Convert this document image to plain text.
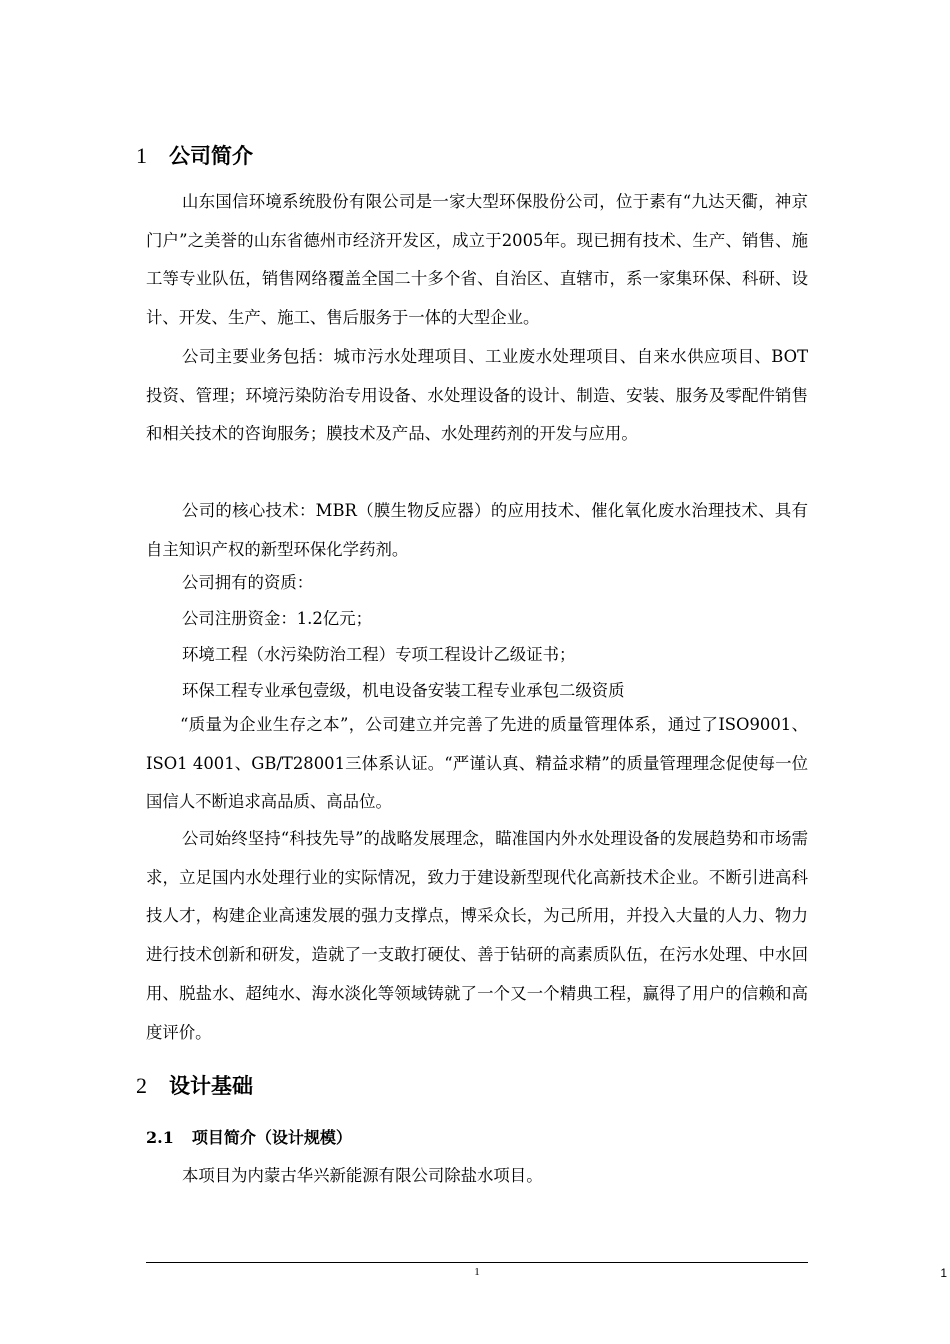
1 公司简介

山东国信环境系统股份有限公司是一家大型环保股份公司，位于素有“九达天衢，神京门户”之美誉的山东省德州市经济开发区，成立于2005年。现已拥有技术、生产、销售、施工等专业队伍，销售网络覆盖全国二十多个省、自治区、直辖市，系一家集环保、科研、设计、开发、生产、施工、售后服务于一体的大型企业。

公司主要业务包括：城市污水处理项目、工业废水处理项目、自来水供应项目、BOT投资、管理；环境污染防治专用设备、水处理设备的设计、制造、安装、服务及零配件销售和相关技术的咨询服务；膜技术及产品、水处理药剂的开发与应用。

公司的核心技术：MBR（膜生物反应器）的应用技术、催化氧化废水治理技术、具有自主知识产权的新型环保化学药剂。

公司拥有的资质：
公司注册资金：1.2亿元；
环境工程（水污染防治工程）专项工程设计乙级证书；
环保工程专业承包壹级，机电设备安装工程专业承包二级资质

“质量为企业生存之本”，公司建立并完善了先进的质量管理体系，通过了ISO9001、ISO1 4001、GB/T28001三体系认证。“严谨认真、精益求精”的质量管理理念促使每一位国信人不断追求高品质、高品位。

公司始终坚持“科技先导”的战略发展理念，瞄准国内外水处理设备的发展趋势和市场需求，立足国内水处理行业的实际情况，致力于建设新型现代化高新技术企业。不断引进高科技人才，构建企业高速发展的强力支撑点，博采众长，为己所用，并投入大量的人力、物力进行技术创新和研发，造就了一支敢打硬仗、善于钻研的高素质队伍，在污水处理、中水回用、脱盐水、超纯水、海水淡化等领域铸就了一个又一个精典工程，赢得了用户的信赖和高度评价。

2 设计基础
2.1 项目简介（设计规模）
本项目为内蒙古华兴新能源有限公司除盐水项目。
1	1
